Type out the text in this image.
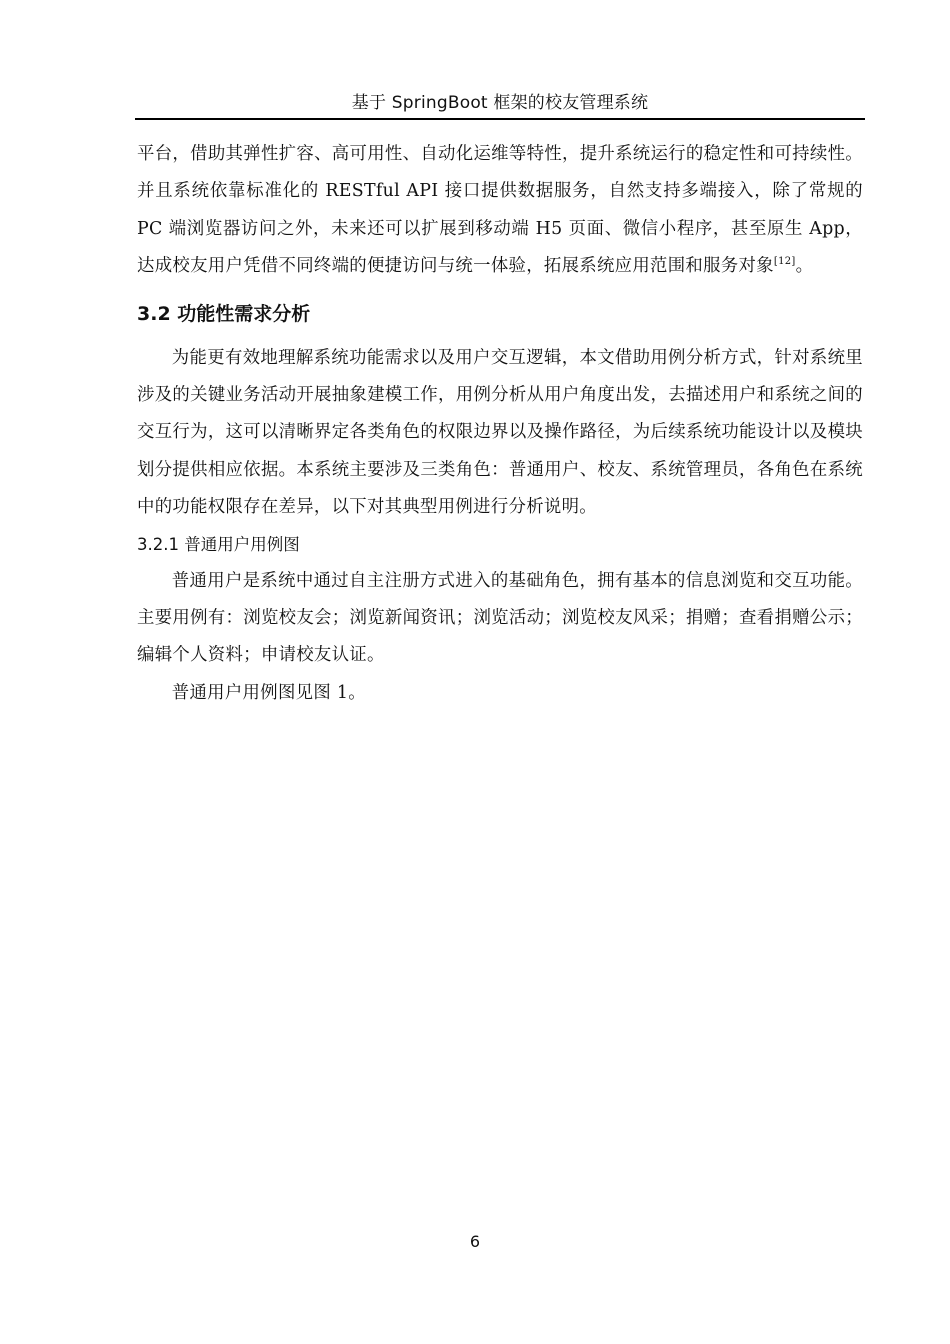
基于 SpringBoot 框架的校友管理系统

平台，借助其弹性扩容、高可用性、自动化运维等特性，提升系统运行的稳定性和可持续性。并且系统依靠标准化的 RESTful API 接口提供数据服务，自然支持多端接入，除了常规的 PC 端浏览器访问之外，未来还可以扩展到移动端 H5 页面、微信小程序，甚至原生 App，达成校友用户凭借不同终端的便捷访问与统一体验，拓展系统应用范围和服务对象[12]。

3.2 功能性需求分析

为能更有效地理解系统功能需求以及用户交互逻辑，本文借助用例分析方式，针对系统里涉及的关键业务活动开展抽象建模工作，用例分析从用户角度出发，去描述用户和系统之间的交互行为，这可以清晰界定各类角色的权限边界以及操作路径，为后续系统功能设计以及模块划分提供相应依据。本系统主要涉及三类角色：普通用户、校友、系统管理员，各角色在系统中的功能权限存在差异，以下对其典型用例进行分析说明。

3.2.1 普通用户用例图

普通用户是系统中通过自主注册方式进入的基础角色，拥有基本的信息浏览和交互功能。主要用例有：浏览校友会；浏览新闻资讯；浏览活动；浏览校友风采；捐赠；查看捐赠公示；编辑个人资料；申请校友认证。

普通用户用例图见图 1。

6
